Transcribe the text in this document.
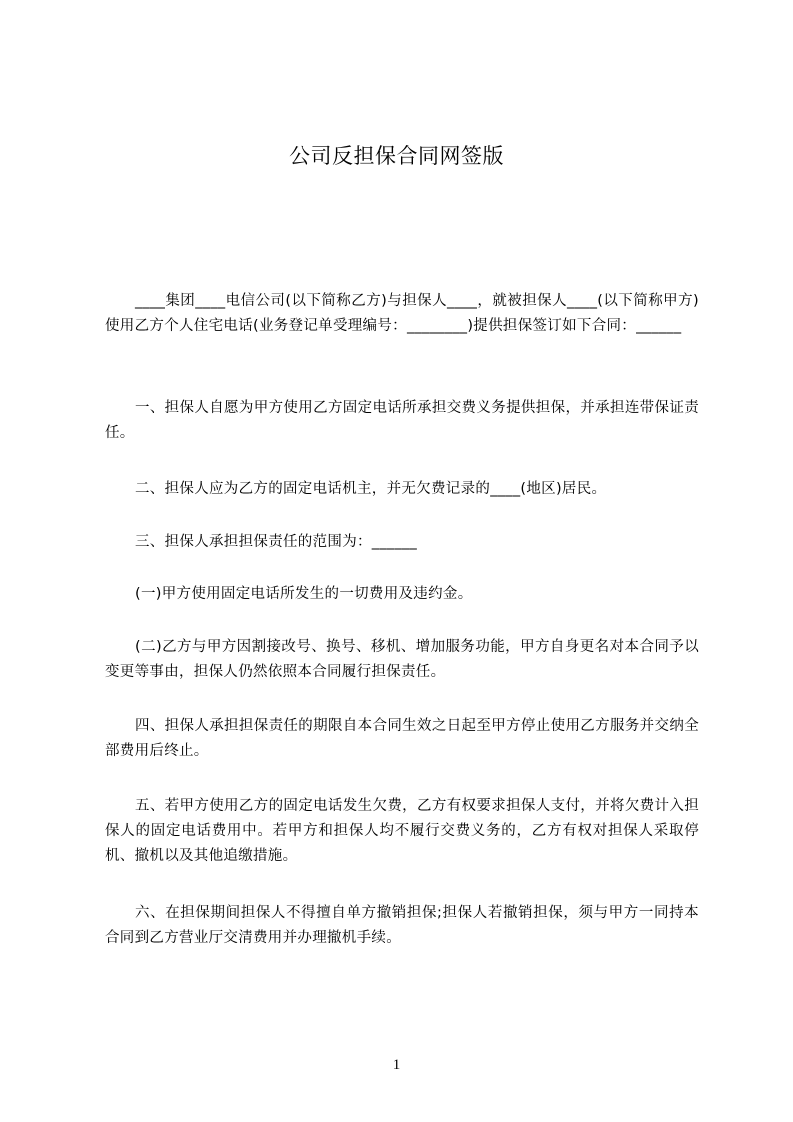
公司反担保合同网签版
____集团____电信公司(以下简称乙方)与担保人____，就被担保人____(以下简称甲方)使用乙方个人住宅电话(业务登记单受理编号：________)提供担保签订如下合同：______
一、担保人自愿为甲方使用乙方固定电话所承担交费义务提供担保，并承担连带保证责任。
二、担保人应为乙方的固定电话机主，并无欠费记录的____(地区)居民。
三、担保人承担担保责任的范围为：______
(一)甲方使用固定电话所发生的一切费用及违约金。
(二)乙方与甲方因割接改号、换号、移机、增加服务功能，甲方自身更名对本合同予以变更等事由，担保人仍然依照本合同履行担保责任。
四、担保人承担担保责任的期限自本合同生效之日起至甲方停止使用乙方服务并交纳全部费用后终止。
五、若甲方使用乙方的固定电话发生欠费，乙方有权要求担保人支付，并将欠费计入担保人的固定电话费用中。若甲方和担保人均不履行交费义务的，乙方有权对担保人采取停机、撤机以及其他追缴措施。
六、在担保期间担保人不得擅自单方撤销担保;担保人若撤销担保，须与甲方一同持本合同到乙方营业厅交清费用并办理撤机手续。
1
